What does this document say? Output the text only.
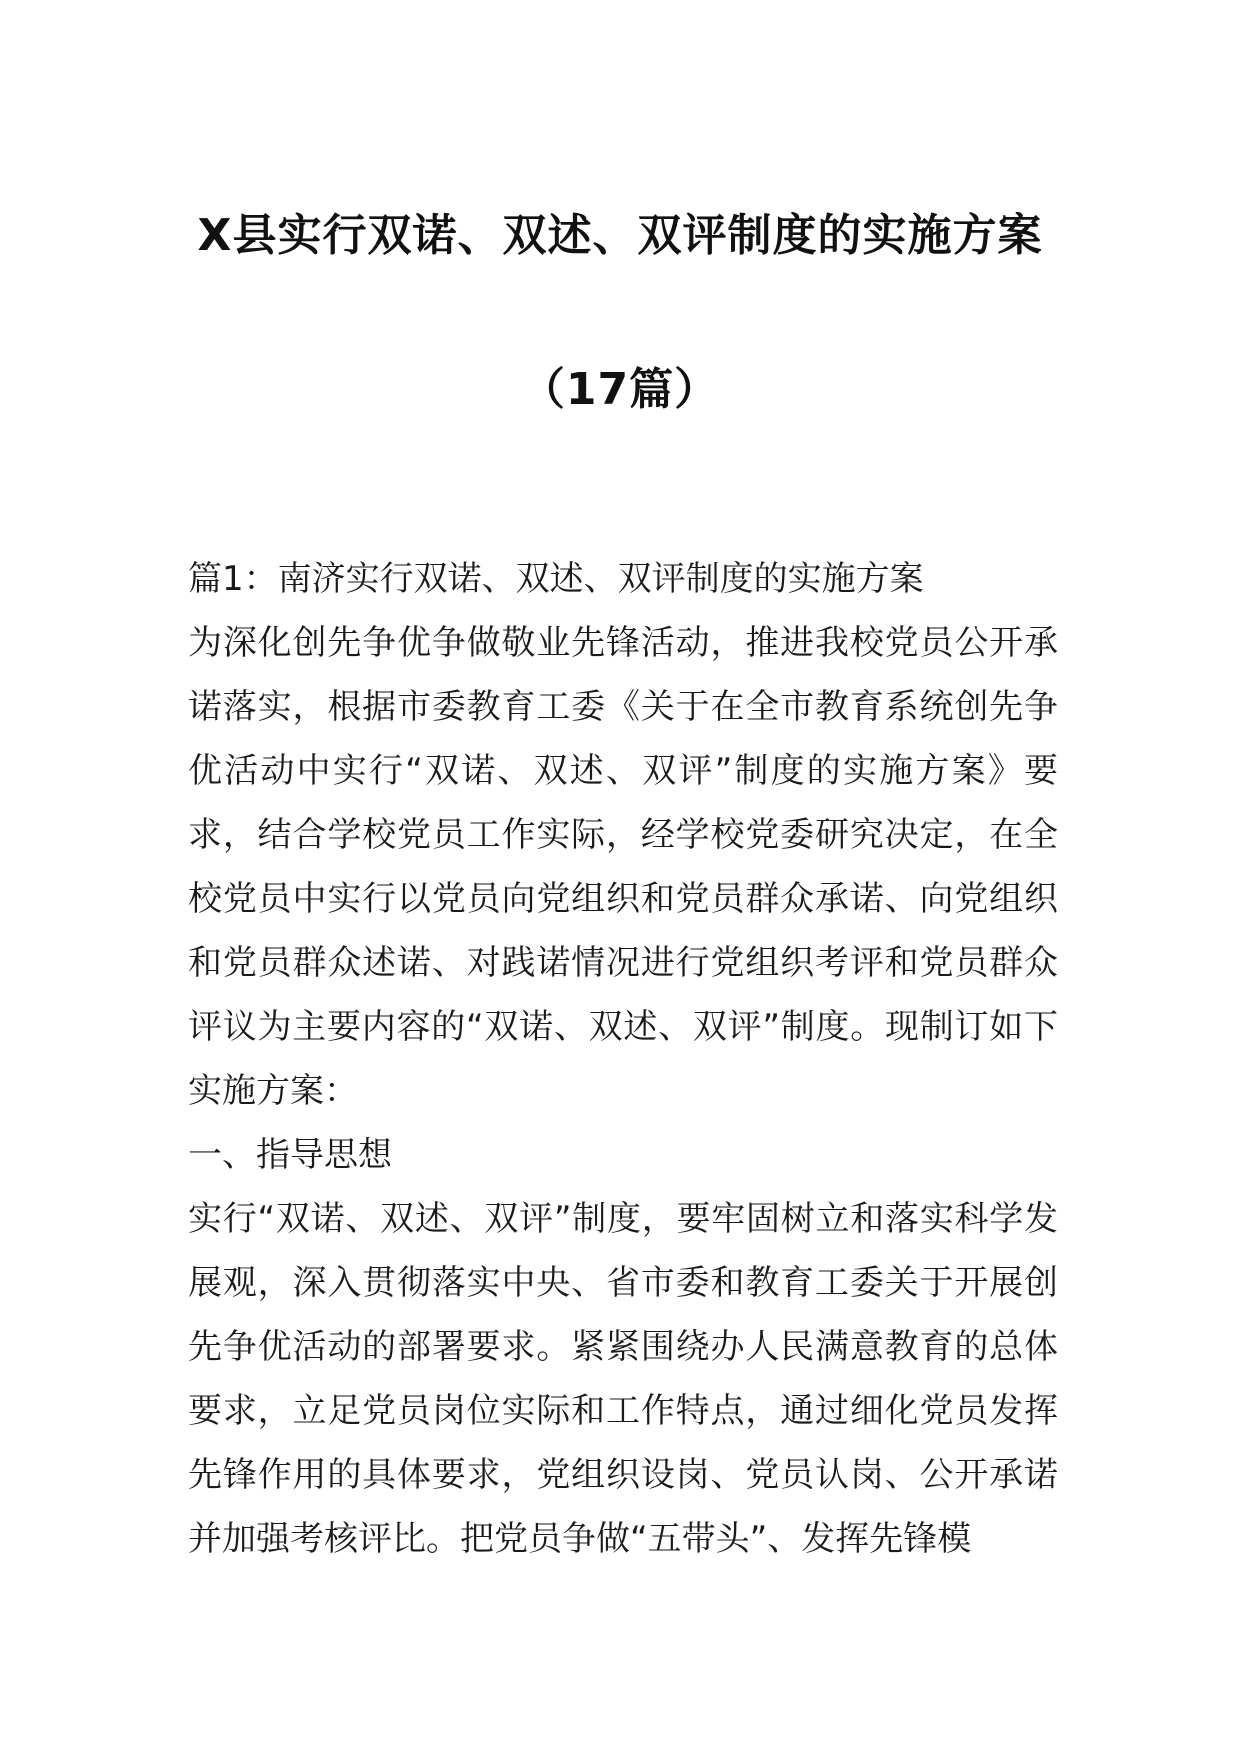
X县实行双诺、双述、双评制度的实施方案
（17篇）

篇1：南济实行双诺、双述、双评制度的实施方案

为深化创先争优争做敬业先锋活动，推进我校党员公开承诺落实，根据市委教育工委《关于在全市教育系统创先争优活动中实行“双诺、双述、双评”制度的实施方案》要求，结合学校党员工作实际，经学校党委研究决定，在全校党员中实行以党员向党组织和党员群众承诺、向党组织和党员群众述诺、对践诺情况进行党组织考评和党员群众评议为主要内容的“双诺、双述、双评”制度。现制订如下实施方案：

一、指导思想

实行“双诺、双述、双评”制度，要牢固树立和落实科学发展观，深入贯彻落实中央、省市委和教育工委关于开展创先争优活动的部署要求。紧紧围绕办人民满意教育的总体要求，立足党员岗位实际和工作特点，通过细化党员发挥先锋作用的具体要求，党组织设岗、党员认岗、公开承诺并加强考核评比。把党员争做“五带头”、发挥先锋模
